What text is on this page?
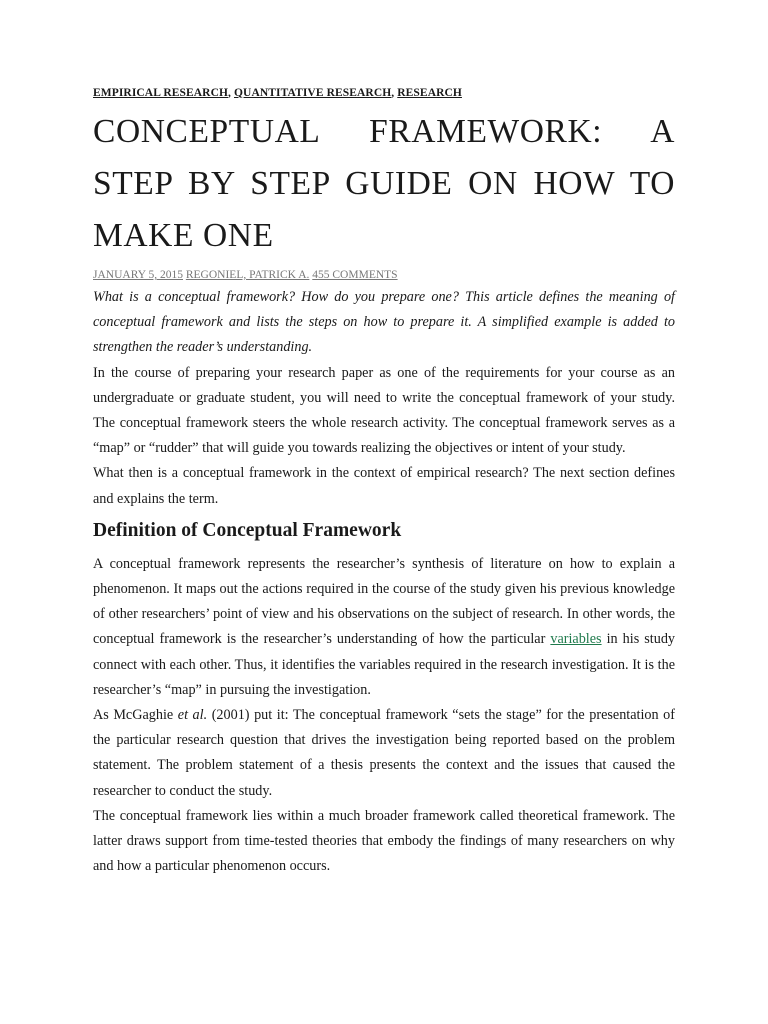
EMPIRICAL RESEARCH, QUANTITATIVE RESEARCH, RESEARCH
CONCEPTUAL FRAMEWORK: A STEP BY STEP GUIDE ON HOW TO MAKE ONE
JANUARY 5, 2015 REGONIEL, PATRICK A. 455 COMMENTS

What is a conceptual framework? How do you prepare one? This article defines the meaning of conceptual framework and lists the steps on how to prepare it. A simplified example is added to strengthen the reader’s understanding.

In the course of preparing your research paper as one of the requirements for your course as an undergraduate or graduate student, you will need to write the conceptual framework of your study. The conceptual framework steers the whole research activity. The conceptual framework serves as a “map” or “rudder” that will guide you towards realizing the objectives or intent of your study.

What then is a conceptual framework in the context of empirical research? The next section defines and explains the term.

Definition of Conceptual Framework

A conceptual framework represents the researcher’s synthesis of literature on how to explain a phenomenon. It maps out the actions required in the course of the study given his previous knowledge of other researchers’ point of view and his observations on the subject of research. In other words, the conceptual framework is the researcher’s understanding of how the particular variables in his study connect with each other. Thus, it identifies the variables required in the research investigation. It is the researcher’s “map” in pursuing the investigation.

As McGaghie et al. (2001) put it: The conceptual framework “sets the stage” for the presentation of the particular research question that drives the investigation being reported based on the problem statement. The problem statement of a thesis presents the context and the issues that caused the researcher to conduct the study.

The conceptual framework lies within a much broader framework called theoretical framework. The latter draws support from time-tested theories that embody the findings of many researchers on why and how a particular phenomenon occurs.
